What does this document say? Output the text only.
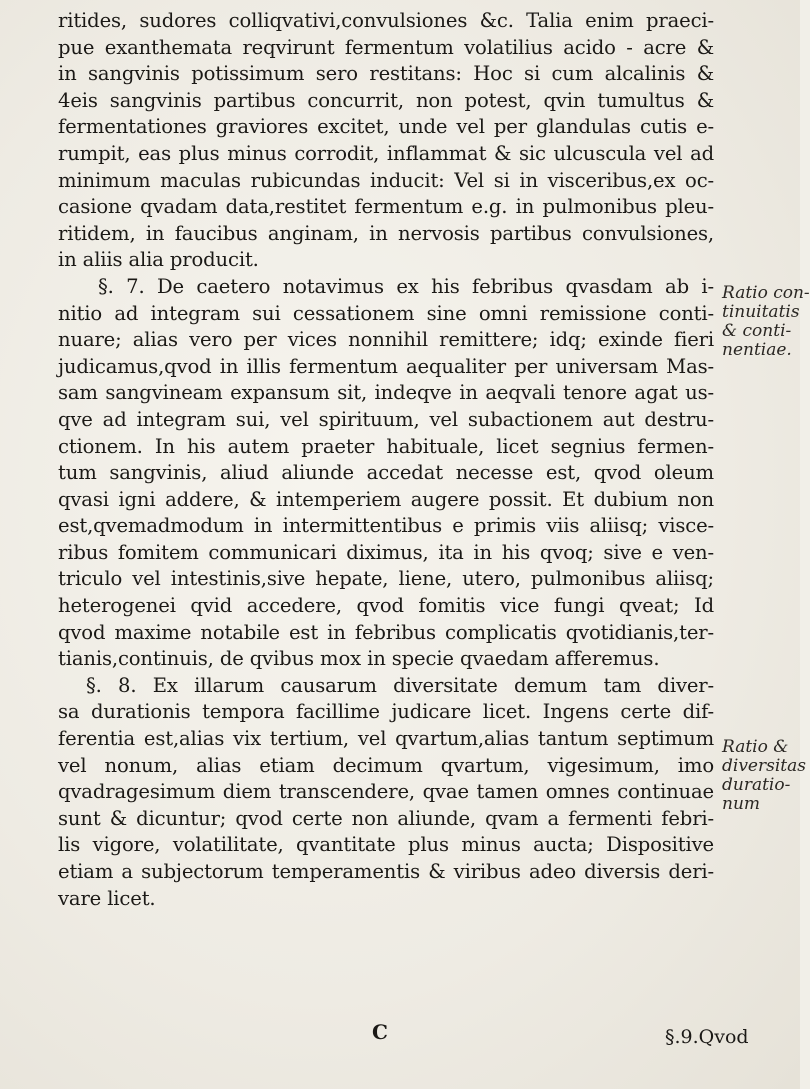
ritides, sudores colliqvativi,convulsiones &c. Talia enim praeci-
pue exanthemata reqvirunt fermentum volatilius acido - acre &
in sangvinis potissimum sero restitans: Hoc si cum alcalinis &
4eis sangvinis partibus concurrit, non potest, qvin tumultus &
fermentationes graviores excitet, unde vel per glandulas cutis e-
rumpit, eas plus minus corrodit, inflammat & sic ulcuscula vel ad
minimum maculas rubicundas inducit: Vel si in visceribus,ex oc-
casione qvadam data,restitet fermentum e.g. in pulmonibus pleu-
ritidem, in faucibus anginam, in nervosis partibus convulsiones,
in aliis alia producit.
§. 7. De caetero notavimus ex his febribus qvasdam ab i-
nitio ad integram sui cessationem sine omni remissione conti-
nuare; alias vero per vices nonnihil remittere; idq; exinde fieri
judicamus,qvod in illis fermentum aequaliter per universam Mas-
sam sangvineam expansum sit, indeqve in aeqvali tenore agat us-
qve ad integram sui, vel spirituum, vel subactionem aut destru-
ctionem. In his autem praeter habituale, licet segnius fermen-
tum sangvinis, aliud aliunde accedat necesse est, qvod oleum
qvasi igni addere, & intemperiem augere possit. Et dubium non
est,qvemadmodum in intermittentibus e primis viis aliisq; visce-
ribus fomitem communicari diximus, ita in his qvoq; sive e ven-
triculo vel intestinis,sive hepate, liene, utero, pulmonibus aliisq;
heterogenei qvid accedere, qvod fomitis vice fungi qveat; Id
qvod maxime notabile est in febribus complicatis qvotidianis,ter-
tianis,continuis, de qvibus mox in specie qvaedam afferemus.
§. 8. Ex illarum causarum diversitate demum tam diver-
sa durationis tempora facillime judicare licet. Ingens certe dif-
ferentia est,alias vix tertium, vel qvartum,alias tantum septimum
vel nonum, alias etiam decimum qvartum, vigesimum, imo
qvadragesimum diem transcendere, qvae tamen omnes continuae
sunt & dicuntur; qvod certe non aliunde, qvam a fermenti febri-
lis vigore, volatilitate, qvantitate plus minus aucta; Dispositive
etiam a subjectorum temperamentis & viribus adeo diversis deri-
vare licet.
Ratio con-
tinuitatis
& conti-
nentiae.
Ratio &
diversitas
duratio-
num
C	§.9.Qvod
